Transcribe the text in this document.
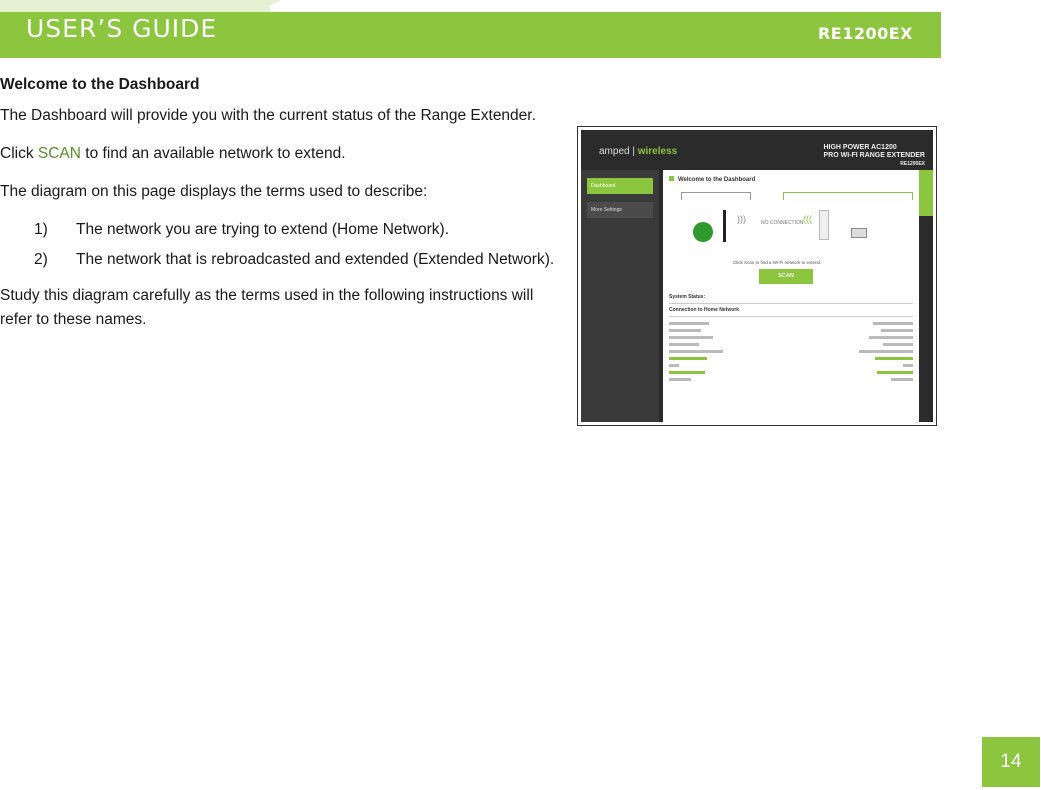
USER’S GUIDE	RE1200EX
Welcome to the Dashboard

The Dashboard will provide you with the current status of the Range Extender.

Click SCAN to find an available network to extend.

The diagram on this page displays the terms used to describe:

1) The network you are trying to extend (Home Network).
2) The network that is rebroadcasted and extended (Extended Network).

Study this diagram carefully as the terms used in the following instructions will refer to these names.

amped | wireless	HIGH POWER AC1200
PRO WI-FI RANGE EXTENDER
RE1200EX
Dashboard
More Settings
Welcome to the Dashboard
)))	NO CONNECTION (((
Click Scan to find a Wi-Fi network to extend.
SCAN
System Status:
Connection to Home Network
14
